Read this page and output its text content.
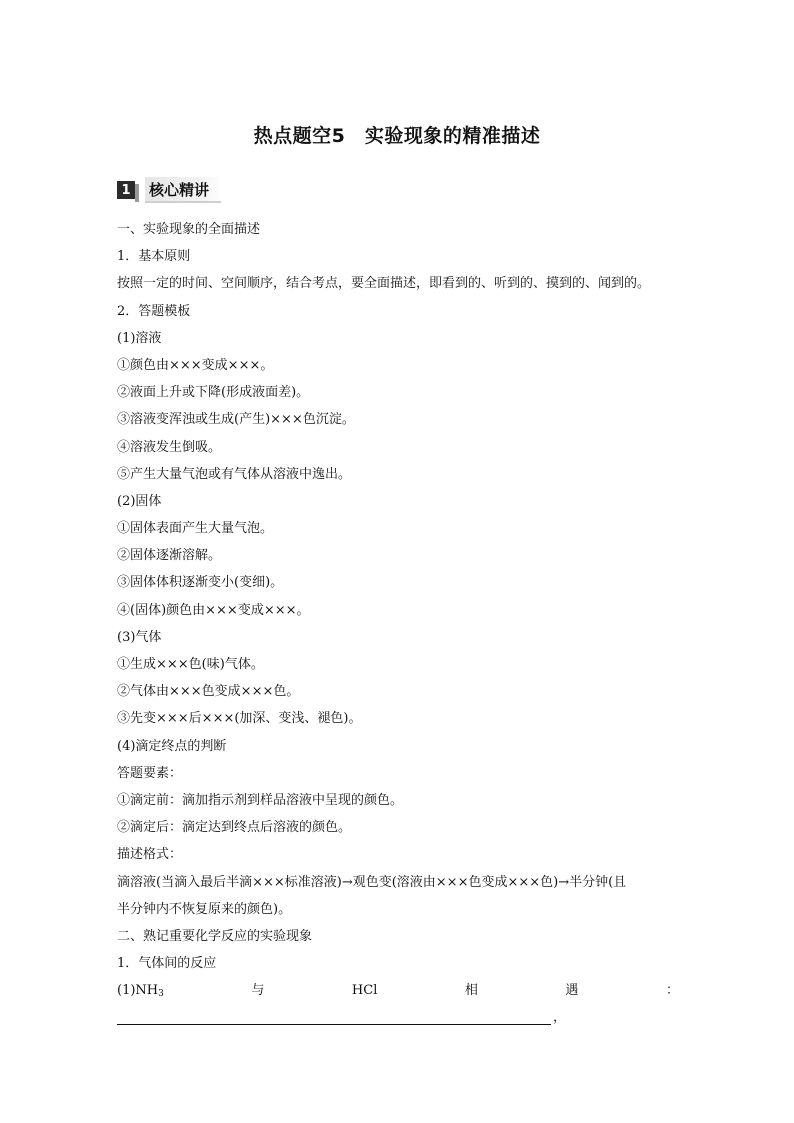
热点题空5　实验现象的精准描述
1 核心精讲
一、实验现象的全面描述
1．基本原则
按照一定的时间、空间顺序，结合考点，要全面描述，即看到的、听到的、摸到的、闻到的。
2．答题模板
(1)溶液
①颜色由×××变成×××。
②液面上升或下降(形成液面差)。
③溶液变浑浊或生成(产生)×××色沉淀。
④溶液发生倒吸。
⑤产生大量气泡或有气体从溶液中逸出。
(2)固体
①固体表面产生大量气泡。
②固体逐渐溶解。
③固体体积逐渐变小(变细)。
④(固体)颜色由×××变成×××。
(3)气体
①生成×××色(味)气体。
②气体由×××色变成×××色。
③先变×××后×××(加深、变浅、褪色)。
(4)滴定终点的判断
答题要素：
①滴定前：滴加指示剂到样品溶液中呈现的颜色。
②滴定后：滴定达到终点后溶液的颜色。
描述格式：
滴溶液(当滴入最后半滴×××标准溶液)→观色变(溶液由×××色变成×××色)→半分钟(且
半分钟内不恢复原来的颜色)。
二、熟记重要化学反应的实验现象
1．气体间的反应
$(1)NH_3$	与	HCl	相	遇	：
，
